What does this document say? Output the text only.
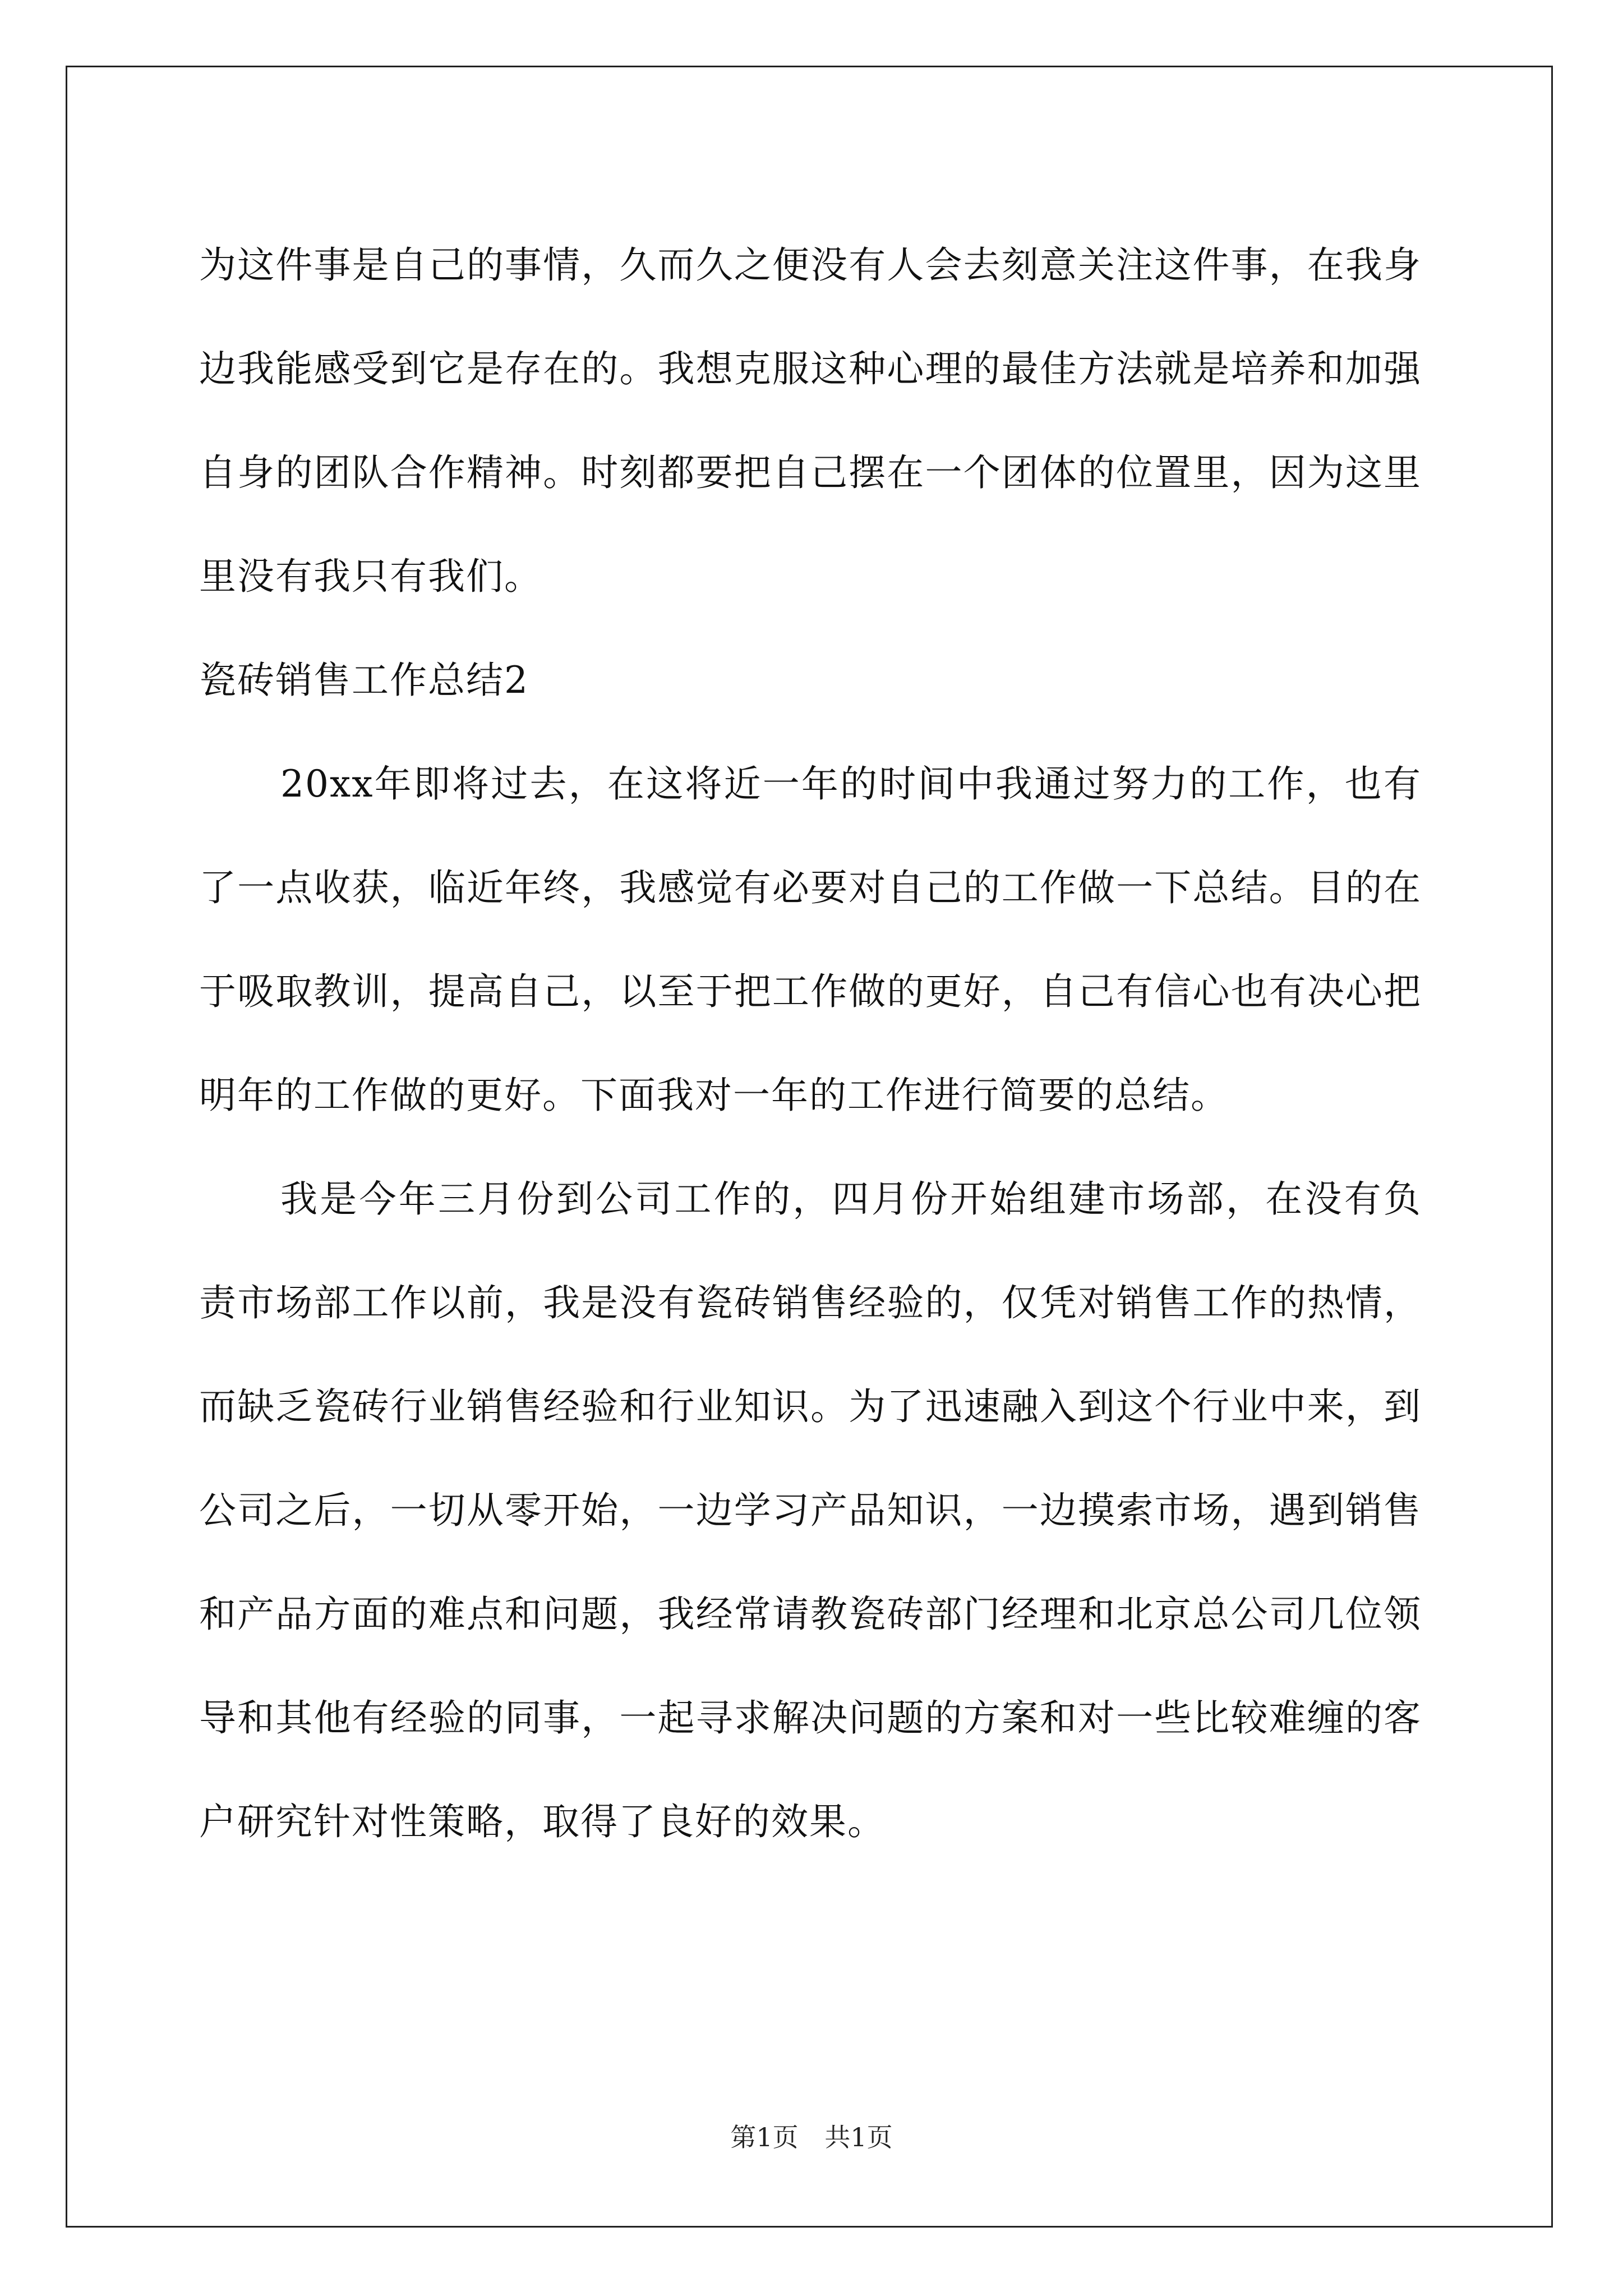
为这件事是自己的事情，久而久之便没有人会去刻意关注这件事，在我身边我能感受到它是存在的。我想克服这种心理的最佳方法就是培养和加强自身的团队合作精神。时刻都要把自己摆在一个团体的位置里，因为这里里没有我只有我们。

瓷砖销售工作总结2

20xx年即将过去，在这将近一年的时间中我通过努力的工作，也有了一点收获，临近年终，我感觉有必要对自己的工作做一下总结。目的在于吸取教训，提高自己，以至于把工作做的更好，自己有信心也有决心把明年的工作做的更好。下面我对一年的工作进行简要的总结。

我是今年三月份到公司工作的，四月份开始组建市场部，在没有负责市场部工作以前，我是没有瓷砖销售经验的，仅凭对销售工作的热情，而缺乏瓷砖行业销售经验和行业知识。为了迅速融入到这个行业中来，到公司之后，一切从零开始，一边学习产品知识，一边摸索市场，遇到销售和产品方面的难点和问题，我经常请教瓷砖部门经理和北京总公司几位领导和其他有经验的同事，一起寻求解决问题的方案和对一些比较难缠的客户研究针对性策略，取得了良好的效果。

第1页 共1页
